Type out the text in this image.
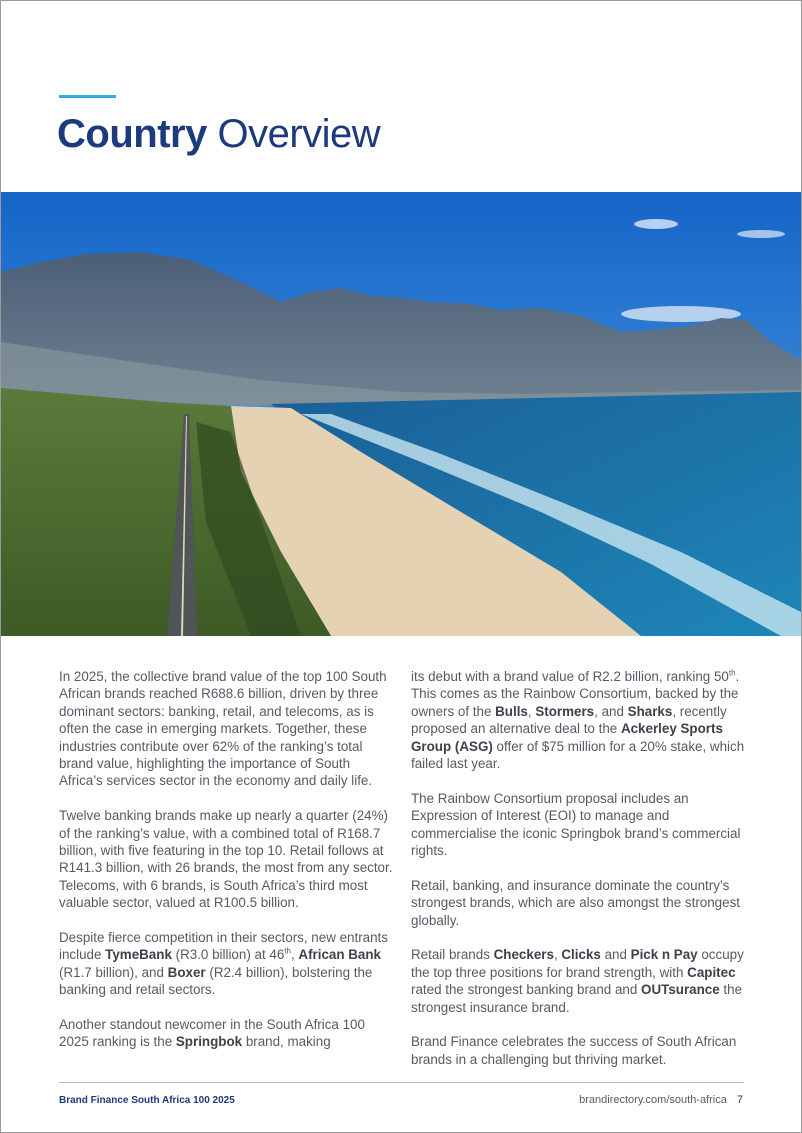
Country Overview

In 2025, the collective brand value of the top 100 South African brands reached R688.6 billion, driven by three dominant sectors: banking, retail, and telecoms, as is often the case in emerging markets. Together, these industries contribute over 62% of the ranking’s total brand value, highlighting the importance of South Africa’s services sector in the economy and daily life.

Twelve banking brands make up nearly a quarter (24%) of the ranking’s value, with a combined total of R168.7 billion, with five featuring in the top 10. Retail follows at R141.3 billion, with 26 brands, the most from any sector. Telecoms, with 6 brands, is South Africa’s third most valuable sector, valued at R100.5 billion.

Despite fierce competition in their sectors, new entrants include TymeBank (R3.0 billion) at 46th, African Bank (R1.7 billion), and Boxer (R2.4 billion), bolstering the banking and retail sectors.

Another standout newcomer in the South Africa 100 2025 ranking is the Springbok brand, making

its debut with a brand value of R2.2 billion, ranking 50th. This comes as the Rainbow Consortium, backed by the owners of the Bulls, Stormers, and Sharks, recently proposed an alternative deal to the Ackerley Sports Group (ASG) offer of $75 million for a 20% stake, which failed last year.

The Rainbow Consortium proposal includes an Expression of Interest (EOI) to manage and commercialise the iconic Springbok brand’s commercial rights.

Retail, banking, and insurance dominate the country’s strongest brands, which are also amongst the strongest globally.

Retail brands Checkers, Clicks and Pick n Pay occupy the top three positions for brand strength, with Capitec rated the strongest banking brand and OUTsurance the strongest insurance brand.

Brand Finance celebrates the success of South African brands in a challenging but thriving market.

Brand Finance South Africa 100 2025	brandirectory.com/south-africa 7
